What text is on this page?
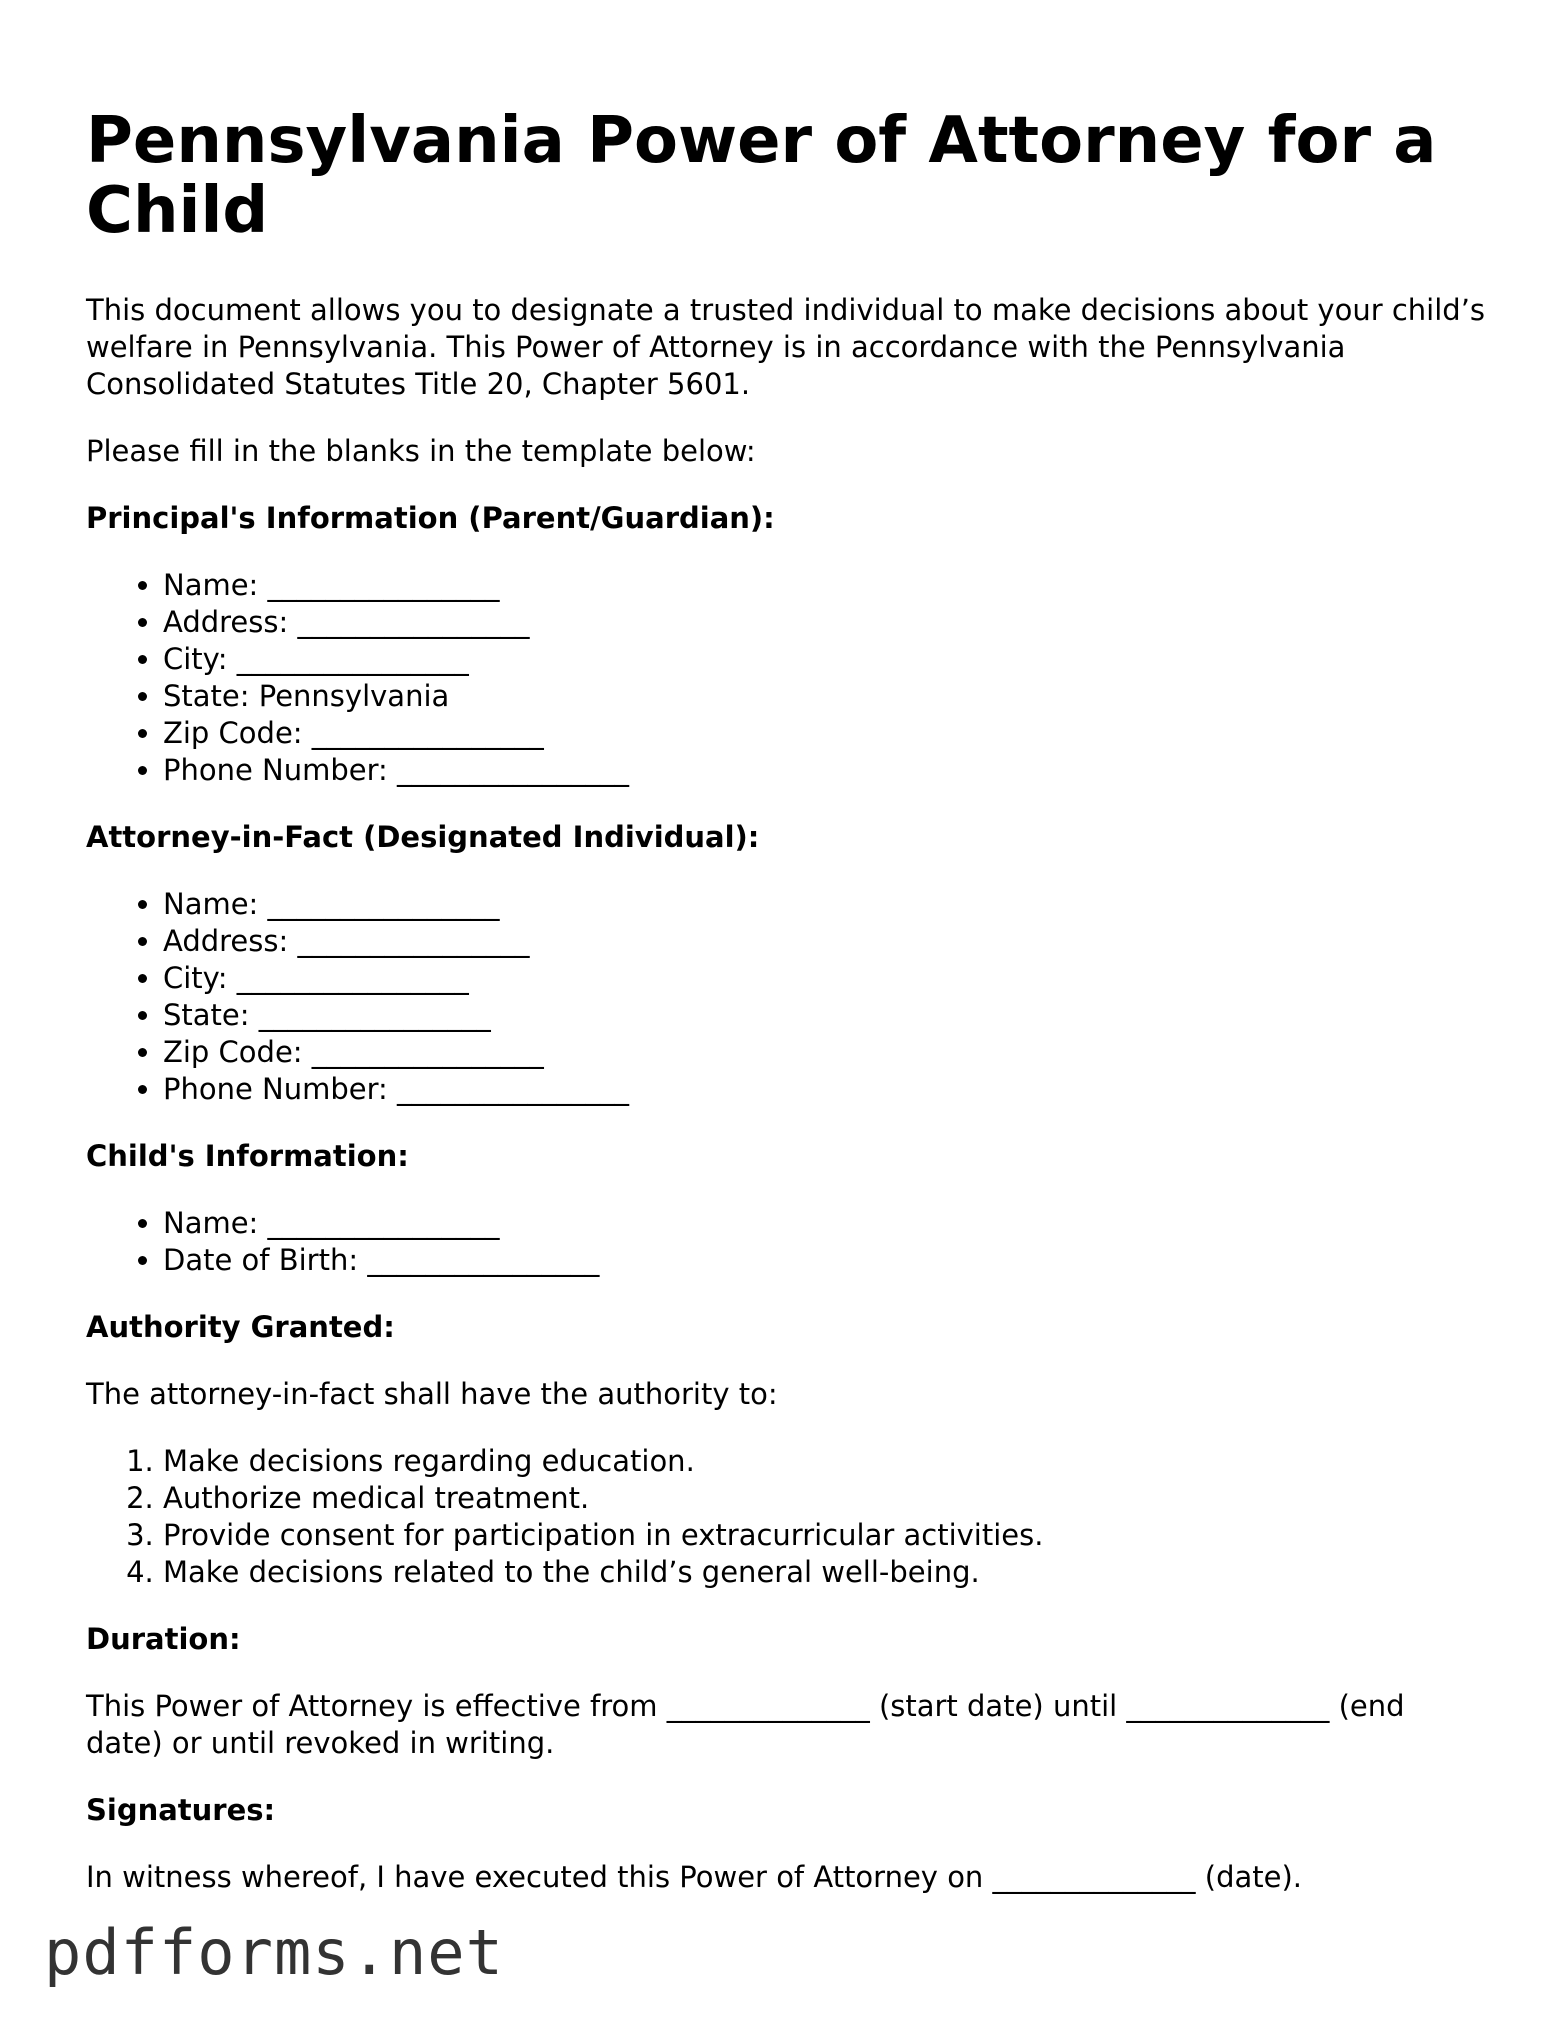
Pennsylvania Power of Attorney for a Child

This document allows you to designate a trusted individual to make decisions about your child’s welfare in Pennsylvania. This Power of Attorney is in accordance with the Pennsylvania Consolidated Statutes Title 20, Chapter 5601.

Please fill in the blanks in the template below:

Principal's Information (Parent/Guardian):
• Name: ________________
• Address: ________________
• City: ________________
• State: Pennsylvania
• Zip Code: ________________
• Phone Number: ________________
Attorney-in-Fact (Designated Individual):
• Name: ________________
• Address: ________________
• City: ________________
• State: ________________
• Zip Code: ________________
• Phone Number: ________________
Child's Information:
• Name: ________________
• Date of Birth: ________________
Authority Granted:

The attorney-in-fact shall have the authority to:

1. Make decisions regarding education.
2. Authorize medical treatment.
3. Provide consent for participation in extracurricular activities.
4. Make decisions related to the child’s general well-being.
Duration:

This Power of Attorney is effective from ______________ (start date) until ______________ (end date) or until revoked in writing.

Signatures:

In witness whereof, I have executed this Power of Attorney on ______________ (date).

pdfforms.net
